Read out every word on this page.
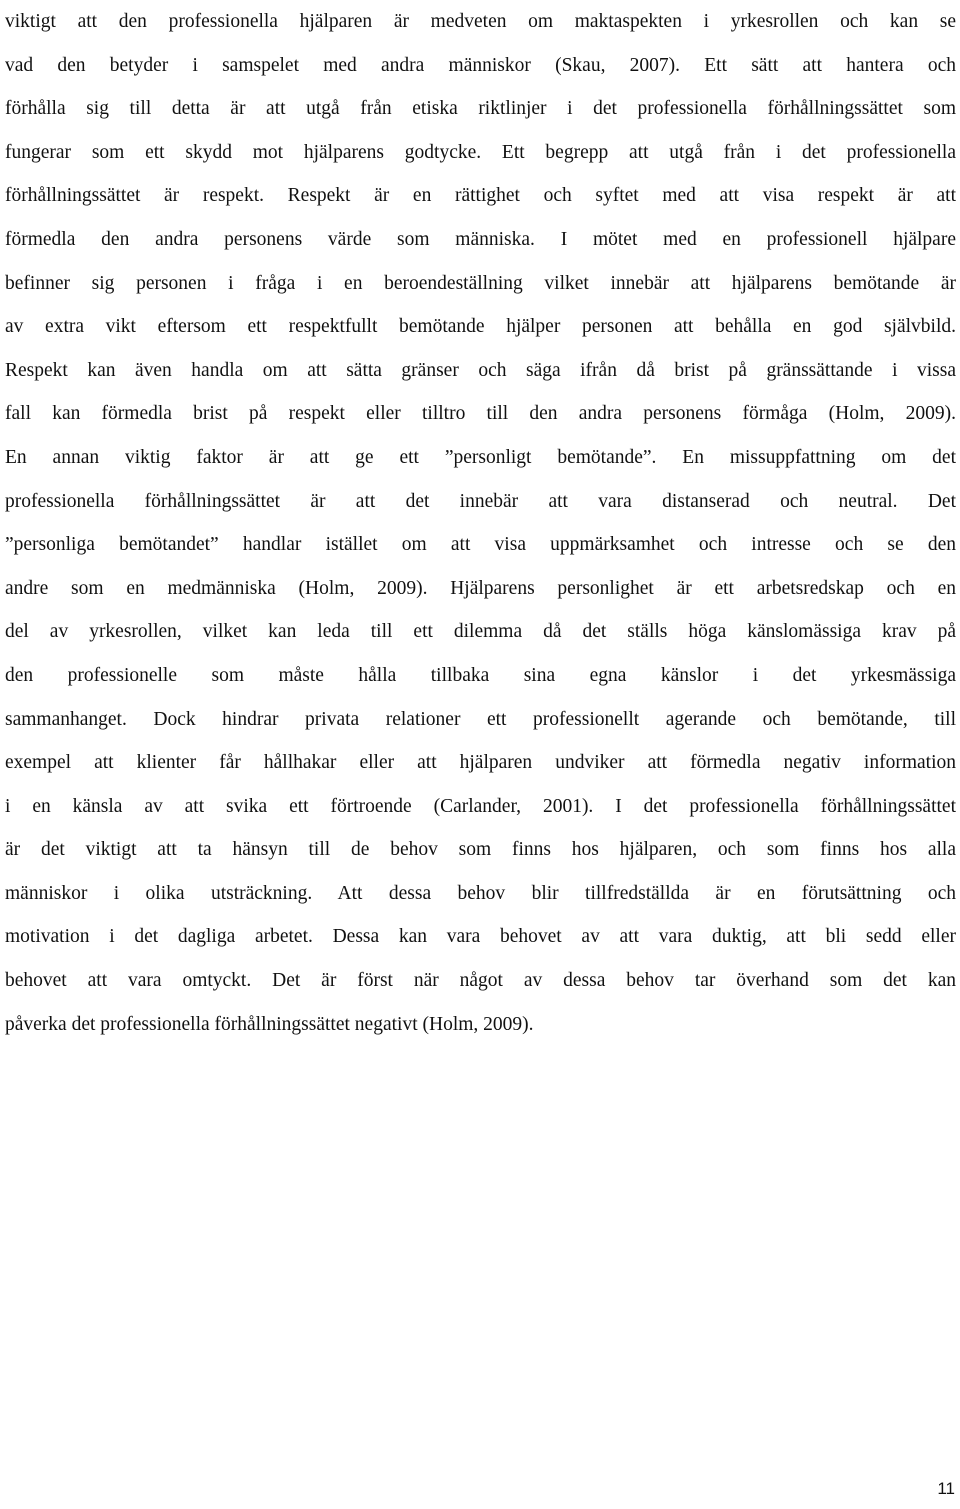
viktigt att den professionella hjälparen är medveten om maktaspekten i yrkesrollen och kan se
vad den betyder i samspelet med andra människor (Skau, 2007). Ett sätt att hantera och
förhålla sig till detta är att utgå från etiska riktlinjer i det professionella förhållningssättet som
fungerar som ett skydd mot hjälparens godtycke. Ett begrepp att utgå från i det professionella
förhållningssättet är respekt. Respekt är en rättighet och syftet med att visa respekt är att
förmedla den andra personens värde som människa. I mötet med en professionell hjälpare
befinner sig personen i fråga i en beroendeställning vilket innebär att hjälparens bemötande är
av extra vikt eftersom ett respektfullt bemötande hjälper personen att behålla en god självbild.
Respekt kan även handla om att sätta gränser och säga ifrån då brist på gränssättande i vissa
fall kan förmedla brist på respekt eller tilltro till den andra personens förmåga (Holm, 2009).
En annan viktig faktor är att ge ett ”personligt bemötande”. En missuppfattning om det
professionella förhållningssättet är att det innebär att vara distanserad och neutral. Det
”personliga bemötandet” handlar istället om att visa uppmärksamhet och intresse och se den
andre som en medmänniska (Holm, 2009). Hjälparens personlighet är ett arbetsredskap och en
del av yrkesrollen, vilket kan leda till ett dilemma då det ställs höga känslomässiga krav på
den professionelle som måste hålla tillbaka sina egna känslor i det yrkesmässiga
sammanhanget. Dock hindrar privata relationer ett professionellt agerande och bemötande, till
exempel att klienter får hållhakar eller att hjälparen undviker att förmedla negativ information
i en känsla av att svika ett förtroende (Carlander, 2001). I det professionella förhållningssättet
är det viktigt att ta hänsyn till de behov som finns hos hjälparen, och som finns hos alla
människor i olika utsträckning. Att dessa behov blir tillfredställda är en förutsättning och
motivation i det dagliga arbetet. Dessa kan vara behovet av att vara duktig, att bli sedd eller
behovet att vara omtyckt. Det är först när något av dessa behov tar överhand som det kan
påverka det professionella förhållningssättet negativt (Holm, 2009).
11
